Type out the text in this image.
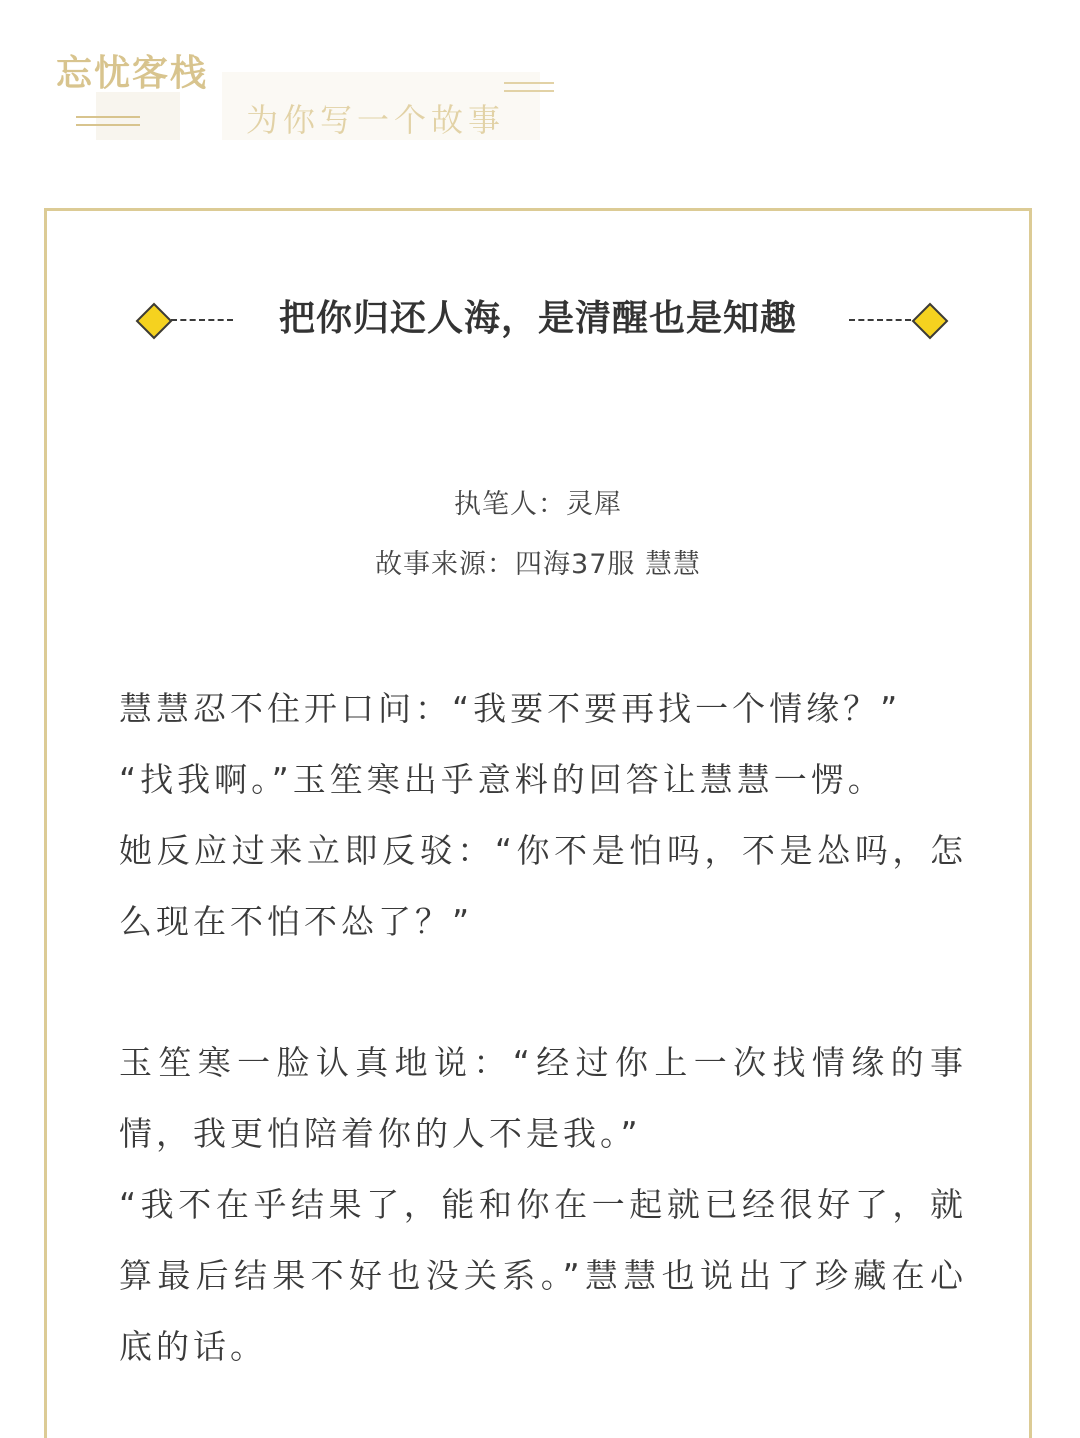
忘忧客栈
为你写一个故事
把你归还人海，是清醒也是知趣
执笔人：灵犀
故事来源：四海37服 慧慧

慧慧忍不住开口问：“我要不要再找一个情缘？”

“找我啊。”玉笙寒出乎意料的回答让慧慧一愣。

她反应过来立即反驳：“你不是怕吗，不是怂吗，怎么现在不怕不怂了？”

玉笙寒一脸认真地说：“经过你上一次找情缘的事情，我更怕陪着你的人不是我。”

“我不在乎结果了，能和你在一起就已经很好了，就算最后结果不好也没关系。”慧慧也说出了珍藏在心底的话。
